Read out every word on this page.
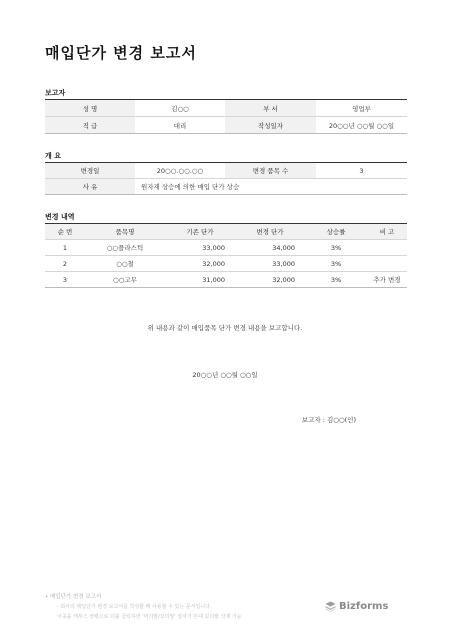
매입단가 변경 보고서
보고자
성 명	김○○	부 서	영업부
직 급	대리	작성일자	20○○년 ○○월 ○○일
개 요
변경일	20○○.○○.○○	변경 품목 수	3
사 유	원자재 상승에 의한 매입 단가 상승		
변경 내역
순 번	품목명	기존 단가	변경 단가	상승률	비 고
1	○○플라스틱	33,000	34,000	3%	
2	○○철	32,000	33,000	3%	
3	○○고무	31,000	32,000	3%	추가 변경
위 내용과 같이 매입품목 단가 변경 내용을 보고합니다.
20○○년 ○○월 ○○일
보고자 : 김○○(인)
• 매입단가 변경 보고서
- 회사의 매입단가 변경 보고서를 작성할 때 사용할 수 있는 문서입니다.
이곳을 캐부스 정렬으로 더블 클릭하면 '머리말/꼬리말' 상자가 뜬대 꼬리말 삭제 가능
Bizforms
